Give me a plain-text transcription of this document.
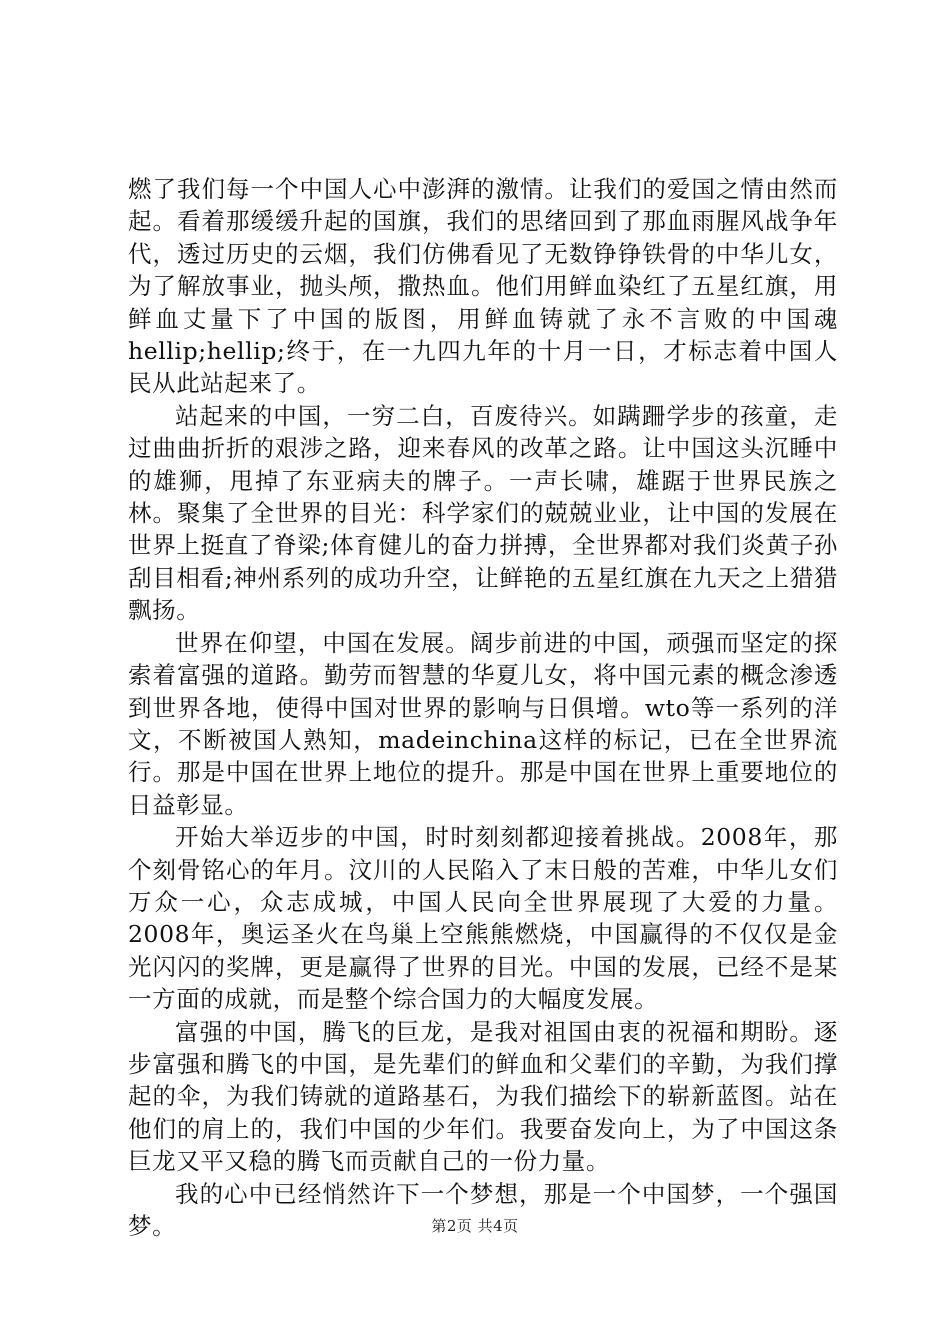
燃了我们每一个中国人心中澎湃的激情。让我们的爱国之情由然而起。看着那缓缓升起的国旗，我们的思绪回到了那血雨腥风战争年代，透过历史的云烟，我们仿佛看见了无数铮铮铁骨的中华儿女，为了解放事业，抛头颅，撒热血。他们用鲜血染红了五星红旗，用鲜血丈量下了中国的版图，用鲜血铸就了永不言败的中国魂hellip;hellip;终于，在一九四九年的十月一日，才标志着中国人民从此站起来了。

站起来的中国，一穷二白，百废待兴。如蹒跚学步的孩童，走过曲曲折折的艰涉之路，迎来春风的改革之路。让中国这头沉睡中的雄狮，甩掉了东亚病夫的牌子。一声长啸，雄踞于世界民族之林。聚集了全世界的目光：科学家们的兢兢业业，让中国的发展在世界上挺直了脊梁;体育健儿的奋力拼搏，全世界都对我们炎黄子孙刮目相看;神州系列的成功升空，让鲜艳的五星红旗在九天之上猎猎飘扬。

世界在仰望，中国在发展。阔步前进的中国，顽强而坚定的探索着富强的道路。勤劳而智慧的华夏儿女，将中国元素的概念渗透到世界各地，使得中国对世界的影响与日俱增。wto等一系列的洋文，不断被国人熟知，madeinchina这样的标记，已在全世界流行。那是中国在世界上地位的提升。那是中国在世界上重要地位的日益彰显。

开始大举迈步的中国，时时刻刻都迎接着挑战。2008年，那个刻骨铭心的年月。汶川的人民陷入了末日般的苦难，中华儿女们万众一心，众志成城，中国人民向全世界展现了大爱的力量。2008年，奥运圣火在鸟巢上空熊熊燃烧，中国赢得的不仅仅是金光闪闪的奖牌，更是赢得了世界的目光。中国的发展，已经不是某一方面的成就，而是整个综合国力的大幅度发展。

富强的中国，腾飞的巨龙，是我对祖国由衷的祝福和期盼。逐步富强和腾飞的中国，是先辈们的鲜血和父辈们的辛勤，为我们撑起的伞，为我们铸就的道路基石，为我们描绘下的崭新蓝图。站在他们的肩上的，我们中国的少年们。我要奋发向上，为了中国这条巨龙又平又稳的腾飞而贡献自己的一份力量。

我的心中已经悄然许下一个梦想，那是一个中国梦，一个强国梦。	第2页 共4页
